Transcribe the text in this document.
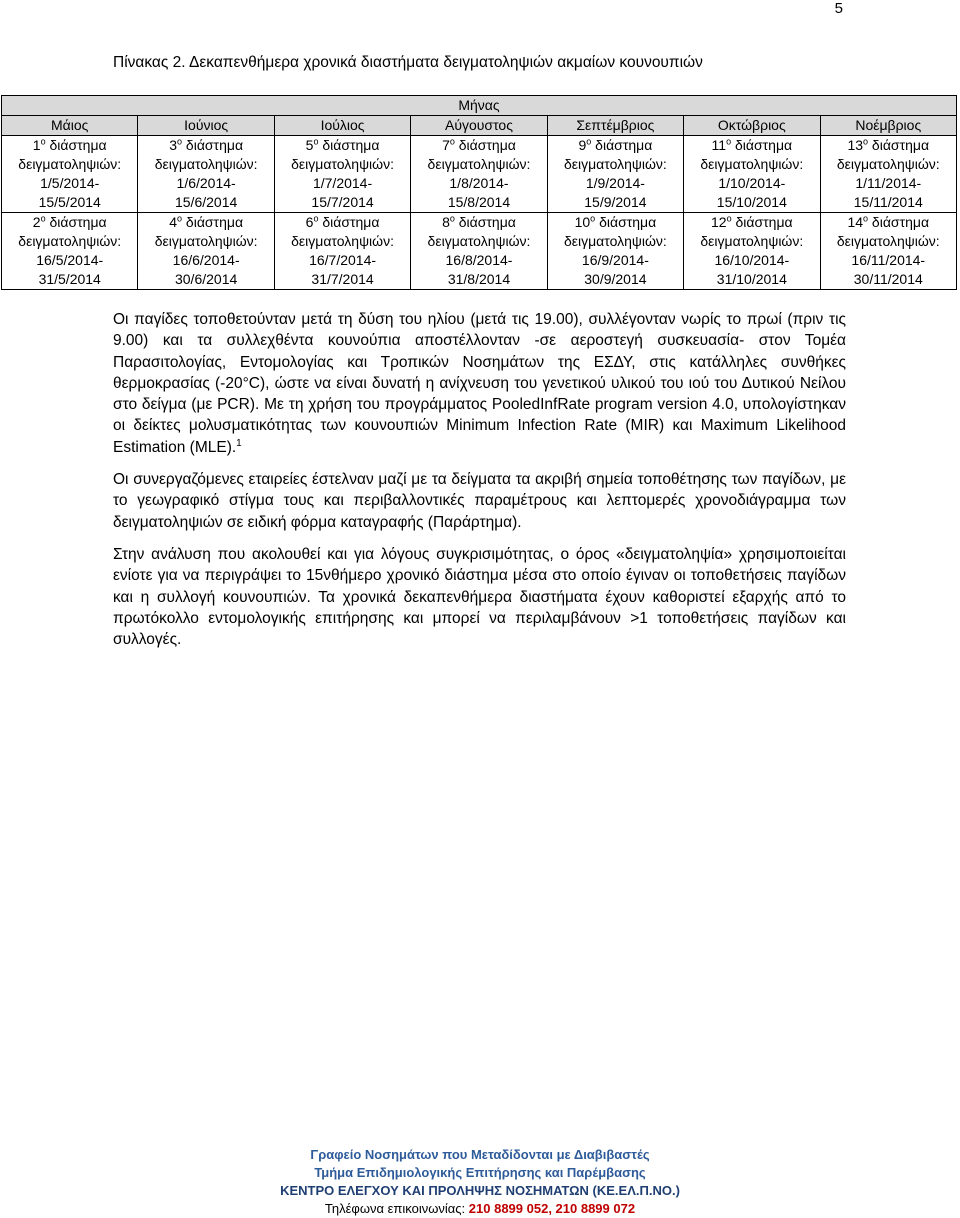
5
Πίνακας 2. Δεκαπενθήμερα χρονικά διαστήματα δειγματοληψιών ακμαίων κουνουπιών
Μήνας						
Μάιος	Ιούνιος	Ιούλιος	Αύγουστος	Σεπτέμβριος	Οκτώβριος	Νοέμβριος

$1^o$ διάστημα
δειγματοληψιών:
1/5/2014-
15/5/2014	$3^o$ διάστημα
δειγματοληψιών:
1/6/2014-
15/6/2014	$5^o$ διάστημα
δειγματοληψιών:
1/7/2014-
15/7/2014	$7^o$ διάστημα
δειγματοληψιών:
1/8/2014-
15/8/2014	$9^o$ διάστημα
δειγματοληψιών:
1/9/2014-
15/9/2014	$11^o$ διάστημα
δειγματοληψιών:
1/10/2014-
15/10/2014	$13^o$ διάστημα
δειγματοληψιών:
1/11/2014-
15/11/2014

$2^o$ διάστημα
δειγματοληψιών:
16/5/2014-
31/5/2014	$4^o$ διάστημα
δειγματοληψιών:
16/6/2014-
30/6/2014	$6^o$ διάστημα
δειγματοληψιών:
16/7/2014-
31/7/2014	$8^o$ διάστημα
δειγματοληψιών:
16/8/2014-
31/8/2014	$10^o$ διάστημα
δειγματοληψιών:
16/9/2014-
30/9/2014	$12^o$ διάστημα
δειγματοληψιών:
16/10/2014-
31/10/2014	$14^o$ διάστημα
δειγματοληψιών:
16/11/2014-
30/11/2014
Οι παγίδες τοποθετούνταν μετά τη δύση του ηλίου (μετά τις 19.00), συλλέγονταν νωρίς το πρωί (πριν τις 9.00) και τα συλλεχθέντα κουνούπια αποστέλλονταν -σε αεροστεγή συσκευασία- στον Τομέα Παρασιτολογίας, Εντομολογίας και Τροπικών Νοσημάτων της ΕΣΔΥ, στις κατάλληλες συνθήκες θερμοκρασίας (-20°C), ώστε να είναι δυνατή η ανίχνευση του γενετικού υλικού του ιού του Δυτικού Νείλου στο δείγμα (με PCR). Με τη χρήση του προγράμματος PooledInfRate program version 4.0, υπολογίστηκαν οι δείκτες μολυσματικότητας των κουνουπιών Minimum Infection Rate (MIR) και Maximum Likelihood Estimation (MLE).$^1$
Οι συνεργαζόμενες εταιρείες έστελναν μαζί με τα δείγματα τα ακριβή σημεία τοποθέτησης των παγίδων, με το γεωγραφικό στίγμα τους και περιβαλλοντικές παραμέτρους και λεπτομερές χρονοδιάγραμμα των δειγματοληψιών σε ειδική φόρμα καταγραφής (Παράρτημα).
Στην ανάλυση που ακολουθεί και για λόγους συγκρισιμότητας, ο όρος «δειγματοληψία» χρησιμοποιείται ενίοτε για να περιγράψει το 15νθήμερο χρονικό διάστημα μέσα στο οποίο έγιναν οι τοποθετήσεις παγίδων και η συλλογή κουνουπιών. Τα χρονικά δεκαπενθήμερα διαστήματα έχουν καθοριστεί εξαρχής από το πρωτόκολλο εντομολογικής επιτήρησης και μπορεί να περιλαμβάνουν >1 τοποθετήσεις παγίδων και συλλογές.
Γραφείο Νοσημάτων που Μεταδίδονται με Διαβιβαστές
Τμήμα Επιδημιολογικής Επιτήρησης και Παρέμβασης
ΚΕΝΤΡΟ ΕΛΕΓΧΟΥ ΚΑΙ ΠΡΟΛΗΨΗΣ ΝΟΣΗΜΑΤΩΝ (ΚΕ.ΕΛ.Π.ΝΟ.)
Τηλέφωνα επικοινωνίας: 210 8899 052, 210 8899 072
